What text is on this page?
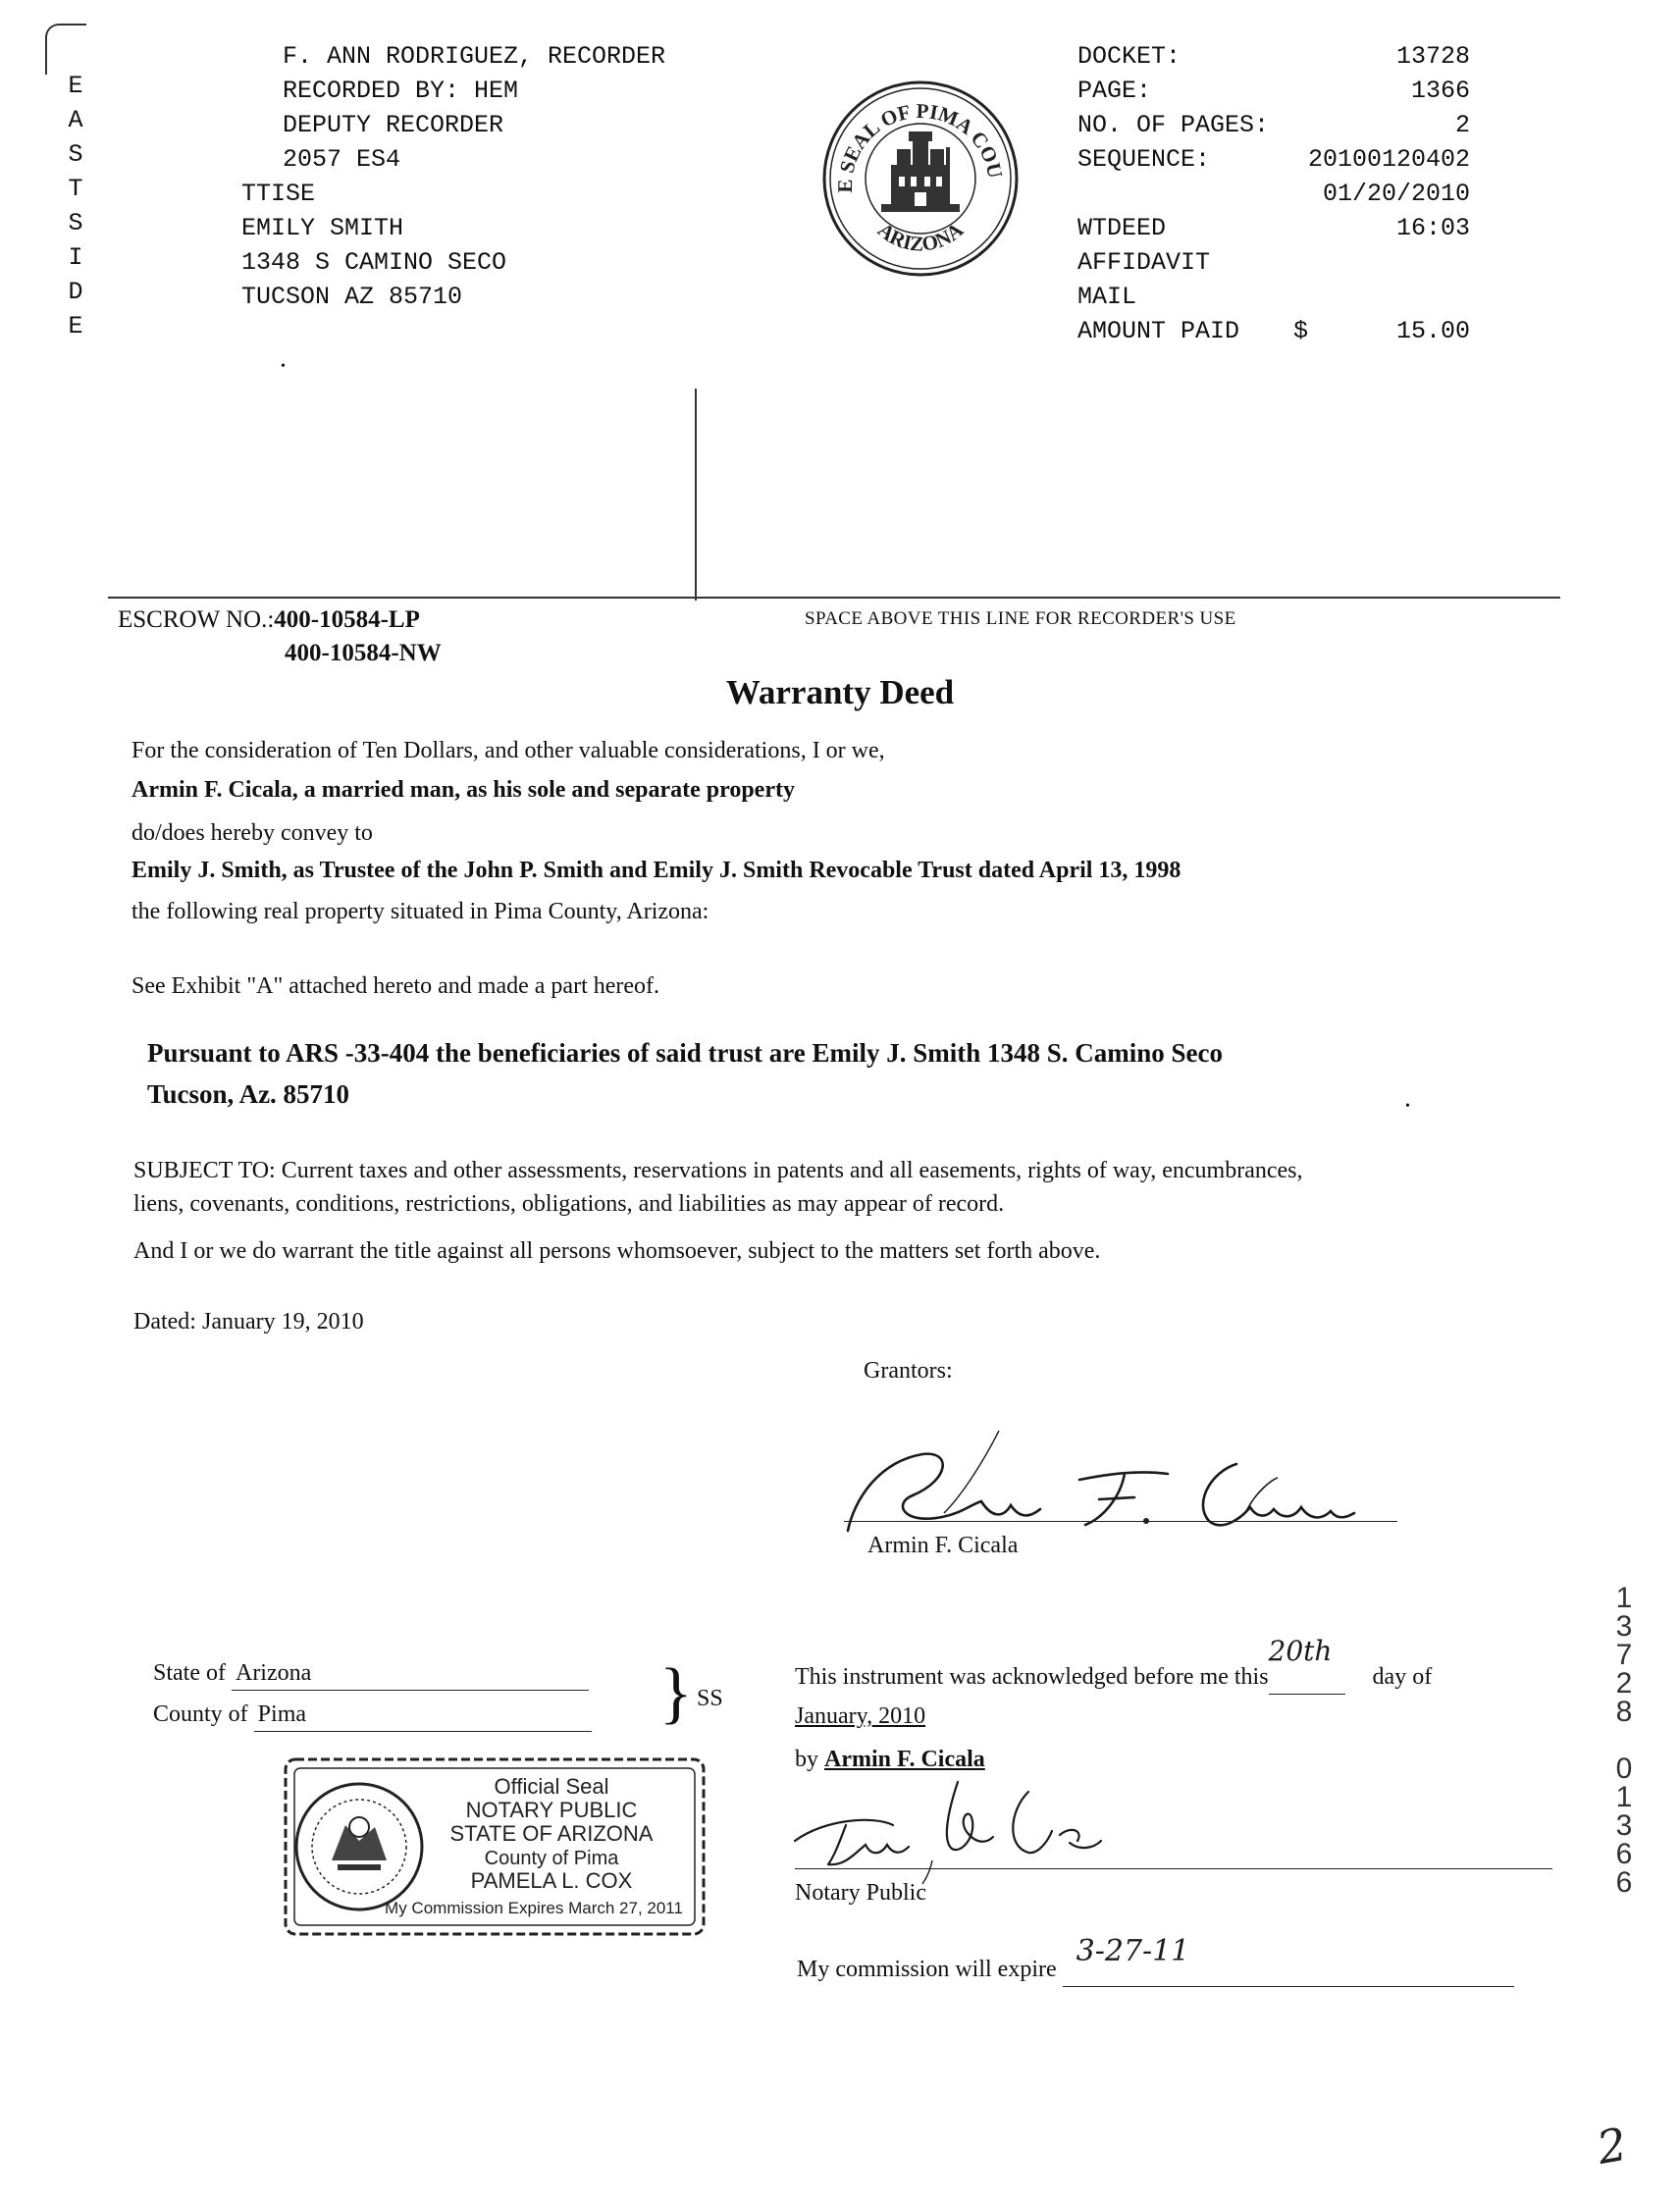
E
A
S
T
S
I
D
E
F. ANN RODRIGUEZ, RECORDER
RECORDED BY: HEM
DEPUTY RECORDER
2057 ES4
TTISE
EMILY SMITH
1348 S CAMINO SECO
TUCSON AZ 85710
•
E SEAL OF PIMA COU
ARIZONA
DOCKET:	13728
PAGE:	1366
NO. OF PAGES:	2
SEQUENCE:	20100120402
01/20/2010
WTDEED	16:03
AFFIDAVIT
MAIL
AMOUNT PAID $      15.00
ESCROW NO.:400-10584-LP
400-10584-NW
SPACE ABOVE THIS LINE FOR RECORDER'S USE
Warranty Deed
For the consideration of Ten Dollars, and other valuable considerations, I or we,
Armin F. Cicala, a married man, as his sole and separate property
do/does hereby convey to
Emily J. Smith, as Trustee of the John P. Smith and Emily J. Smith Revocable Trust dated April 13, 1998
the following real property situated in Pima County, Arizona:
See Exhibit "A" attached hereto and made a part hereof.
Pursuant to ARS -33-404 the beneficiaries of said trust are Emily J. Smith 1348 S. Camino Seco
Tucson, Az. 85710	•
SUBJECT TO: Current taxes and other assessments, reservations in patents and all easements, rights of way, encumbrances,
liens, covenants, conditions, restrictions, obligations, and liabilities as may appear of record.
And I or we do warrant the title against all persons whomsoever, subject to the matters set forth above.
Dated: January 19, 2010
Grantors:
Armin F. Cicala
State of Arizona
County of Pima	} SS
Official Seal
NOTARY PUBLIC
STATE OF ARIZONA
County of Pima
PAMELA L. COX
My Commission Expires March 27, 2011
This instrument was acknowledged before me this
20th
day of
January, 2010
by Armin F. Cicala
Notary Public
My commission will expire
3-27-11

1
3
7
2
8
0
1
3
6
6
2
